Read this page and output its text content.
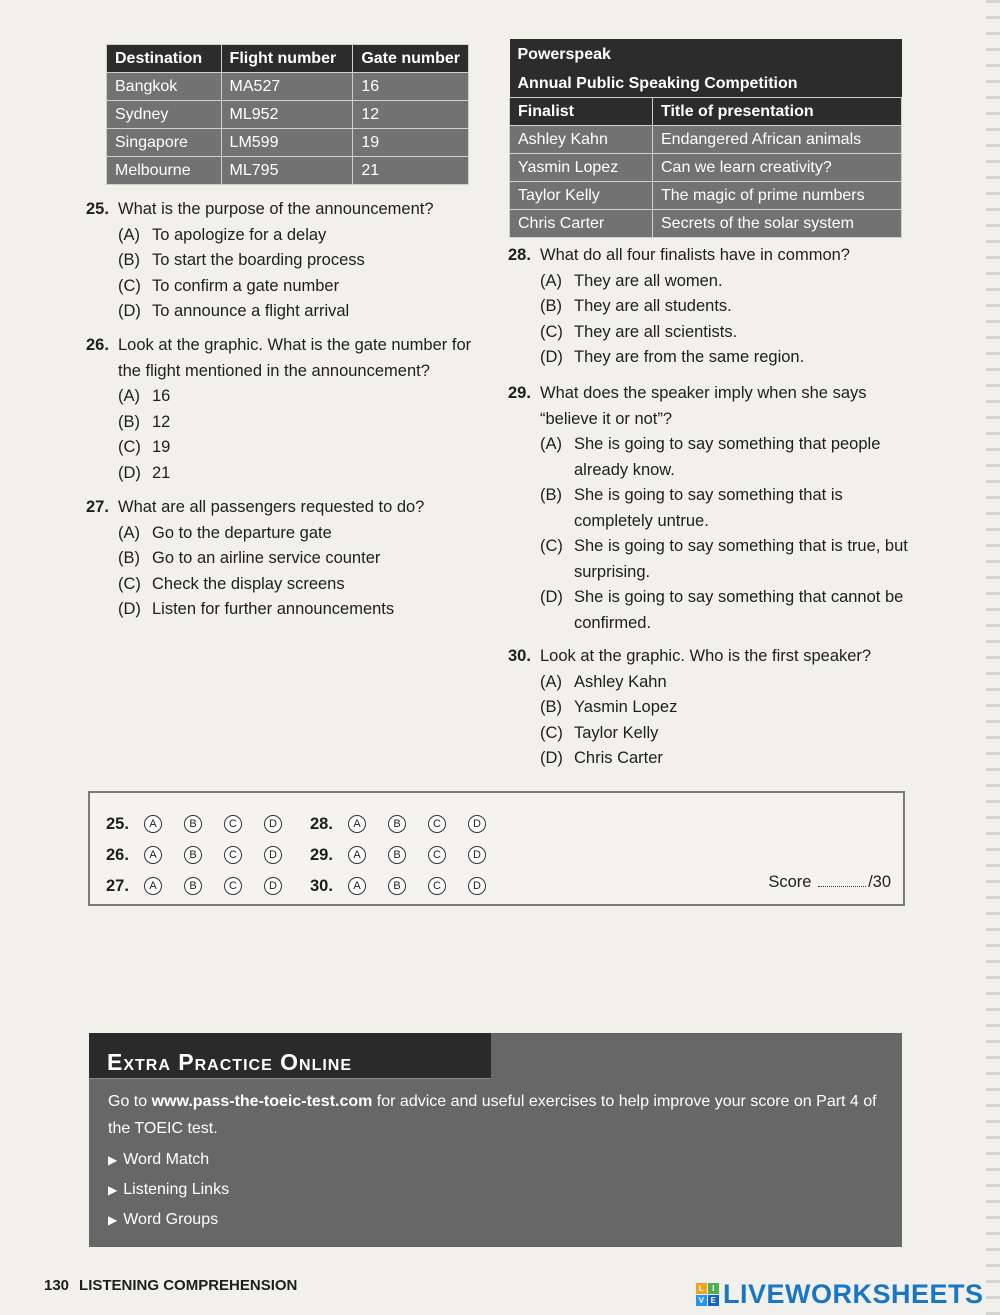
Destination	Flight number	Gate number
Bangkok	MA527	16
Sydney	ML952	12
Singapore	LM599	19
Melbourne	ML795	21
Powerspeak	
Annual Public Speaking Competition	
Finalist	Title of presentation
Ashley Kahn	Endangered African animals
Yasmin Lopez	Can we learn creativity?
Taylor Kelly	The magic of prime numbers
Chris Carter	Secrets of the solar system
25. What is the purpose of the announcement?
(A) To apologize for a delay
(B) To start the boarding process
(C) To confirm a gate number
(D) To announce a flight arrival
26. Look at the graphic. What is the gate number for the flight mentioned in the announcement?
(A) 16
(B) 12
(C) 19
(D) 21
27. What are all passengers requested to do?
(A) Go to the departure gate
(B) Go to an airline service counter
(C) Check the display screens
(D) Listen for further announcements
28. What do all four finalists have in common?
(A) They are all women.
(B) They are all students.
(C) They are all scientists.
(D) They are from the same region.
29. What does the speaker imply when she says “believe it or not”?
(A) She is going to say something that people already know.
(B) She is going to say something that is completely untrue.
(C) She is going to say something that is true, but surprising.
(D) She is going to say something that cannot be confirmed.
30. Look at the graphic. Who is the first speaker?
(A) Ashley Kahn
(B) Yasmin Lopez
(C) Taylor Kelly
(D) Chris Carter
25.	A	B	C	D	28.	A	B	C	D
26.	A	B	C	D	29.	A	B	C	D
27.	A	B	C	D	30.	A	B	C	D	Score	/30
Extra Practice Online
Go to www.pass-the-toeic-test.com for advice and useful exercises to help improve your score on Part 4 of the TOEIC test.
▶ Word Match
▶ Listening Links
▶ Word Groups
130 LISTENING COMPREHENSION	L I
V E LIVEWORKSHEETS
